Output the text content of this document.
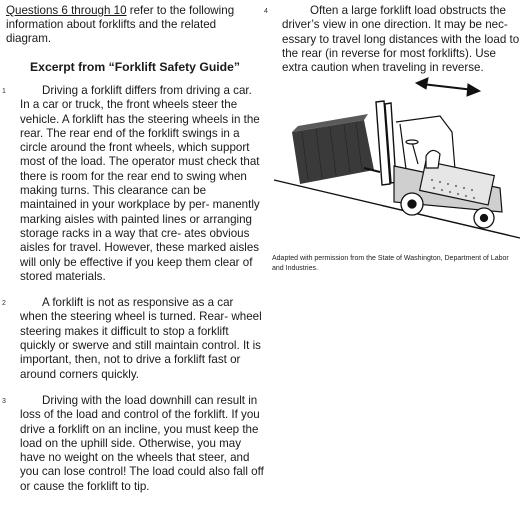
Questions 6 through 10 refer to the following information about forklifts and the related diagram.

Excerpt from “Forklift Safety Guide”
1	Driving a forklift differs from driving a car. In a car or truck, the front wheels steer the vehicle. A forklift has the steering wheels in the rear. The rear end of the forklift swings in a circle around the front wheels, which support most of the load. The operator must check that there is room for the rear end to swing when making turns. This clearance can be maintained in your workplace by per- manently marking aisles with painted lines or arranging storage racks in a way that cre- ates obvious aisles for travel. However, these marked aisles will only be effective if you keep them clear of stored materials.
2	A forklift is not as responsive as a car when the steering wheel is turned. Rear- wheel steering makes it difficult to stop a forklift quickly or swerve and still maintain control. It is important, then, not to drive a forklift fast or around corners quickly.
3	Driving with the load downhill can result in loss of the load and control of the forklift. If you drive a forklift on an incline, you must keep the load on the uphill side. Otherwise, you may have no weight on the wheels that steer, and you can lose control! The load could also fall off or cause the forklift to tip.
4	Often a large forklift load obstructs the driver’s view in one direction. It may be nec- essary to travel long distances with the load to the rear (in reverse for most forklifts). Use extra caution when traveling in reverse.
Adapted with permission from the State of Washington, Department of Labor and Industries.
